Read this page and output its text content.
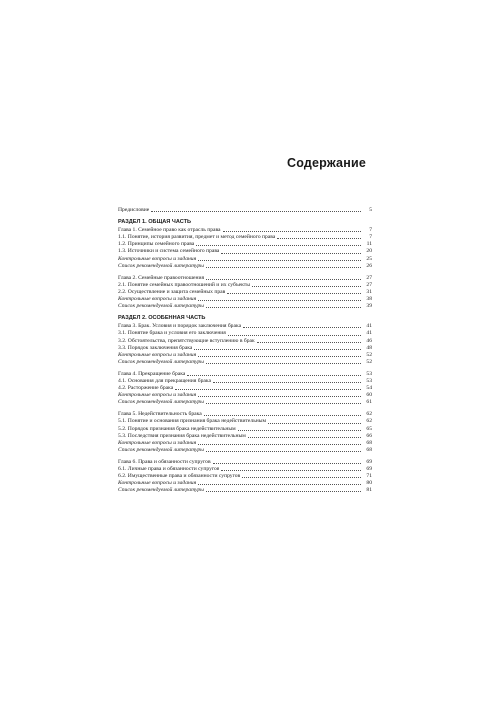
Содержание
Предисловие	5
РАЗДЕЛ 1. ОБЩАЯ ЧАСТЬ
Глава 1. Семейное право как отрасль права	7
1.1. Понятие, история развития, предмет и метод семейного права	7
1.2. Принципы семейного права	11
1.3. Источники и система семейного права	20
Контрольные вопросы и задания	25
Список рекомендуемой литературы	26
Глава 2. Семейные правоотношения	27
2.1. Понятие семейных правоотношений и их субъекты	27
2.2. Осуществление и защита семейных прав	31
Контрольные вопросы и задания	38
Список рекомендуемой литературы	39
РАЗДЕЛ 2. ОСОБЕННАЯ ЧАСТЬ
Глава 3. Брак. Условия и порядок заключения брака	41
3.1. Понятие брака и условия его заключения	41
3.2. Обстоятельства, препятствующие вступлению в брак	46
3.3. Порядок заключения брака	48
Контрольные вопросы и задания	52
Список рекомендуемой литературы	52
Глава 4. Прекращение брака	53
4.1. Основания для прекращения брака	53
4.2. Расторжение брака	54
Контрольные вопросы и задания	60
Список рекомендуемой литературы	61
Глава 5. Недействительность брака	62
5.1. Понятие и основания признания брака недействительным	62
5.2. Порядок признания брака недействительным	65
5.3. Последствия признания брака недействительным	66
Контрольные вопросы и задания	68
Список рекомендуемой литературы	68
Глава 6. Права и обязанности супругов	69
6.1. Личные права и обязанности супругов	69
6.2. Имущественные права и обязанности супругов	71
Контрольные вопросы и задания	80
Список рекомендуемой литературы	81
